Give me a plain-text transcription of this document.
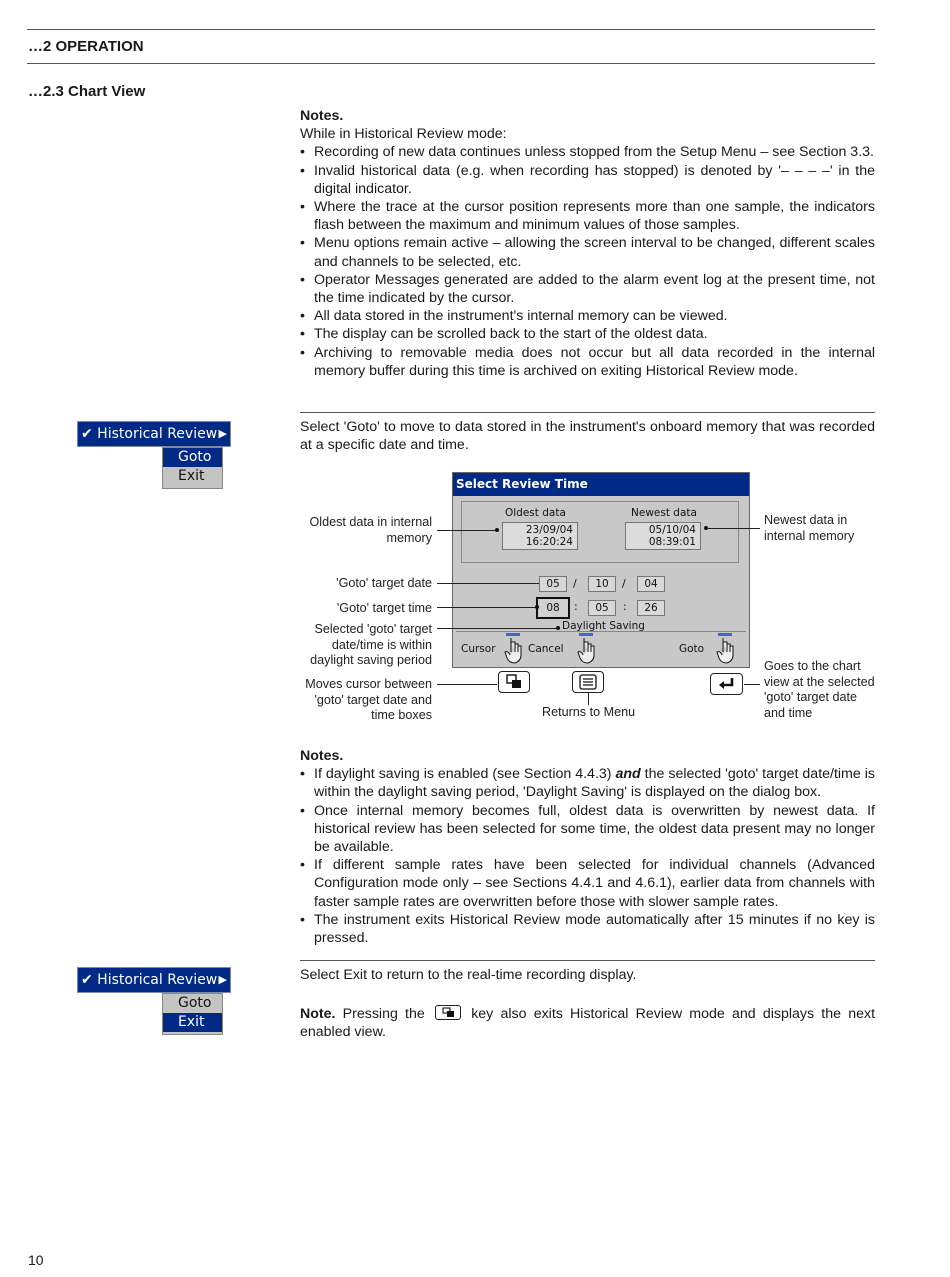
…2 OPERATION
…2.3 Chart View
Notes.
While in Historical Review mode:
• Recording of new data continues unless stopped from the Setup Menu – see Section 3.3.
• Invalid historical data (e.g. when recording has stopped) is denoted by '– – – –' in the digital indicator.
• Where the trace at the cursor position represents more than one sample, the indicators flash between the maximum and minimum values of those samples.
• Menu options remain active – allowing the screen interval to be changed, different scales and channels to be selected, etc.
• Operator Messages generated are added to the alarm event log at the present time, not the time indicated by the cursor.
• All data stored in the instrument's internal memory can be viewed.
• The display can be scrolled back to the start of the oldest data.
• Archiving to removable media does not occur but all data recorded in the internal memory buffer during this time is archived on exiting Historical Review mode.
✔ Historical Review ▶
Goto
Exit
Select 'Goto' to move to data stored in the instrument's onboard memory that was recorded at a specific date and time.
Select Review Time
Oldest data	Newest data
23/09/04
16:20:24
05/10/04
08:39:01
05	/	10	/	04
08	:	05	:	26
Daylight Saving
Cursor	Cancel	Goto
Oldest data in internal memory
'Goto' target date
'Goto' target time
Selected 'goto' target date/time is within daylight saving period
Moves cursor between 'goto' target date and time boxes	Returns to Menu
Newest data in internal memory
Goes to the chart view at the selected 'goto' target date and time
Notes.
• If daylight saving is enabled (see Section 4.4.3) and the selected 'goto' target date/time is within the daylight saving period, 'Daylight Saving' is displayed on the dialog box.
• Once internal memory becomes full, oldest data is overwritten by newest data. If historical review has been selected for some time, the oldest data present may no longer be available.
• If different sample rates have been selected for individual channels (Advanced Configuration mode only – see Sections 4.4.1 and 4.6.1), earlier data from channels with faster sample rates are overwritten before those with slower sample rates.
• The instrument exits Historical Review mode automatically after 15 minutes if no key is pressed.
✔ Historical Review ▶
Goto
Exit
Select Exit to return to the real-time recording display.
Note. Pressing the	key also exits Historical Review mode and displays the next enabled view.
10
